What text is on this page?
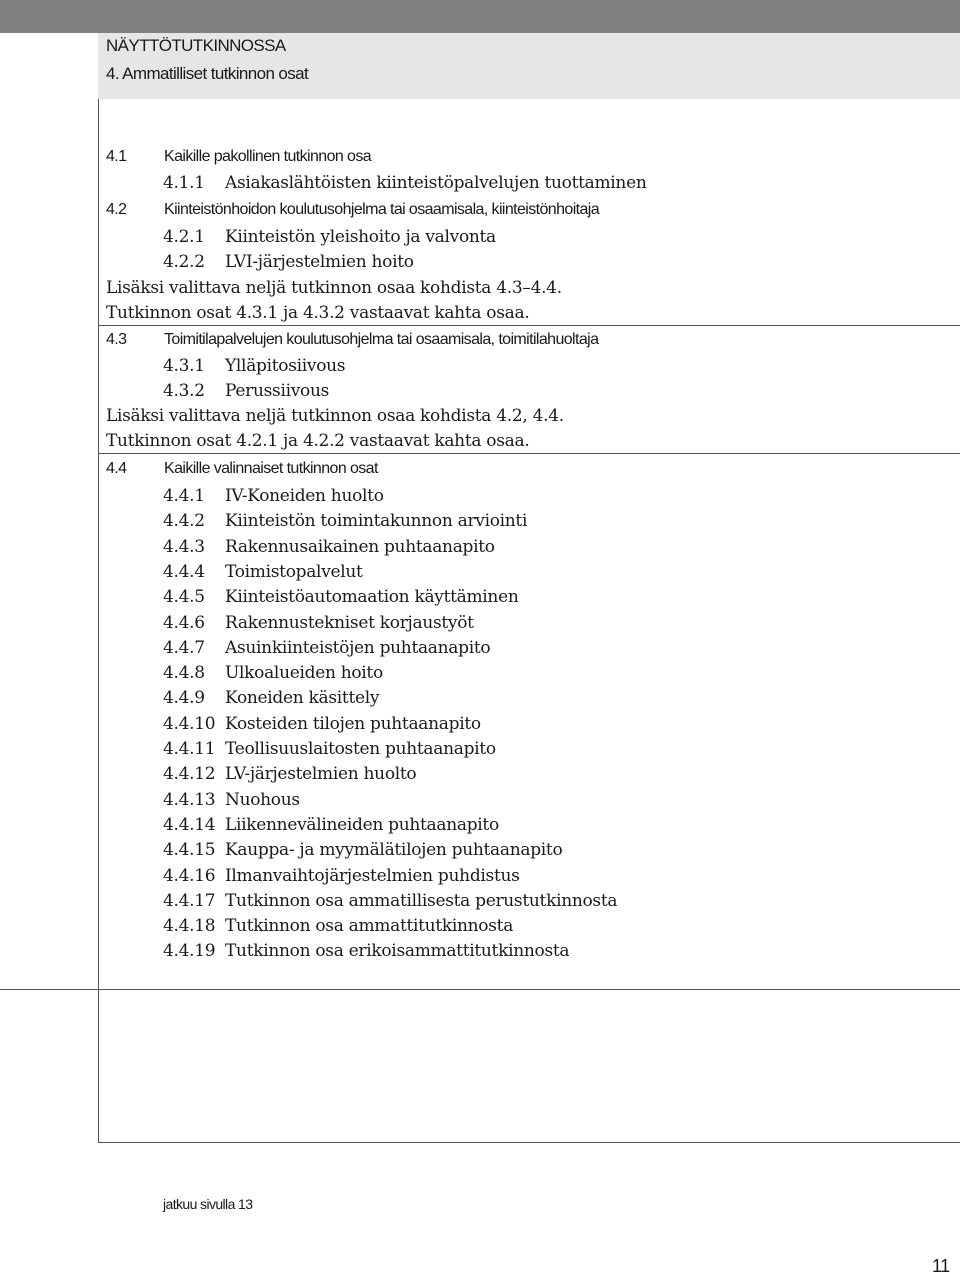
NÄYTTÖTUTKINNOSSA
4. Ammatilliset tutkinnon osat
4.1 Kaikille pakollinen tutkinnon osa
4.1.1	Asiakaslähtöisten kiinteistöpalvelujen tuottaminen
4.2 Kiinteistönhoidon koulutusohjelma tai osaamisala, kiinteistönhoitaja
4.2.1	Kiinteistön yleishoito ja valvonta
4.2.2	LVI-järjestelmien hoito
Lisäksi valittava neljä tutkinnon osaa kohdista 4.3–4.4.
Tutkinnon osat 4.3.1 ja 4.3.2 vastaavat kahta osaa.
4.3 Toimitilapalvelujen koulutusohjelma tai osaamisala, toimitilahuoltaja
4.3.1	Ylläpitosiivous
4.3.2	Perussiivous
Lisäksi valittava neljä tutkinnon osaa kohdista 4.2, 4.4.
Tutkinnon osat 4.2.1 ja 4.2.2 vastaavat kahta osaa.
4.4 Kaikille valinnaiset tutkinnon osat
4.4.1	IV-Koneiden huolto
4.4.2	Kiinteistön toimintakunnon arviointi
4.4.3	Rakennusaikainen puhtaanapito
4.4.4	Toimistopalvelut
4.4.5	Kiinteistöautomaation käyttäminen
4.4.6	Rakennustekniset korjaustyöt
4.4.7	Asuinkiinteistöjen puhtaanapito
4.4.8	Ulkoalueiden hoito
4.4.9	Koneiden käsittely
4.4.10 Kosteiden tilojen puhtaanapito
4.4.11 Teollisuuslaitosten puhtaanapito
4.4.12 LV-järjestelmien huolto
4.4.13 Nuohous
4.4.14 Liikennevälineiden puhtaanapito
4.4.15 Kauppa- ja myymälätilojen puhtaanapito
4.4.16 Ilmanvaihtojärjestelmien puhdistus
4.4.17 Tutkinnon osa ammatillisesta perustutkinnosta
4.4.18 Tutkinnon osa ammattitutkinnosta
4.4.19 Tutkinnon osa erikoisammattitutkinnosta
jatkuu sivulla 13
11
